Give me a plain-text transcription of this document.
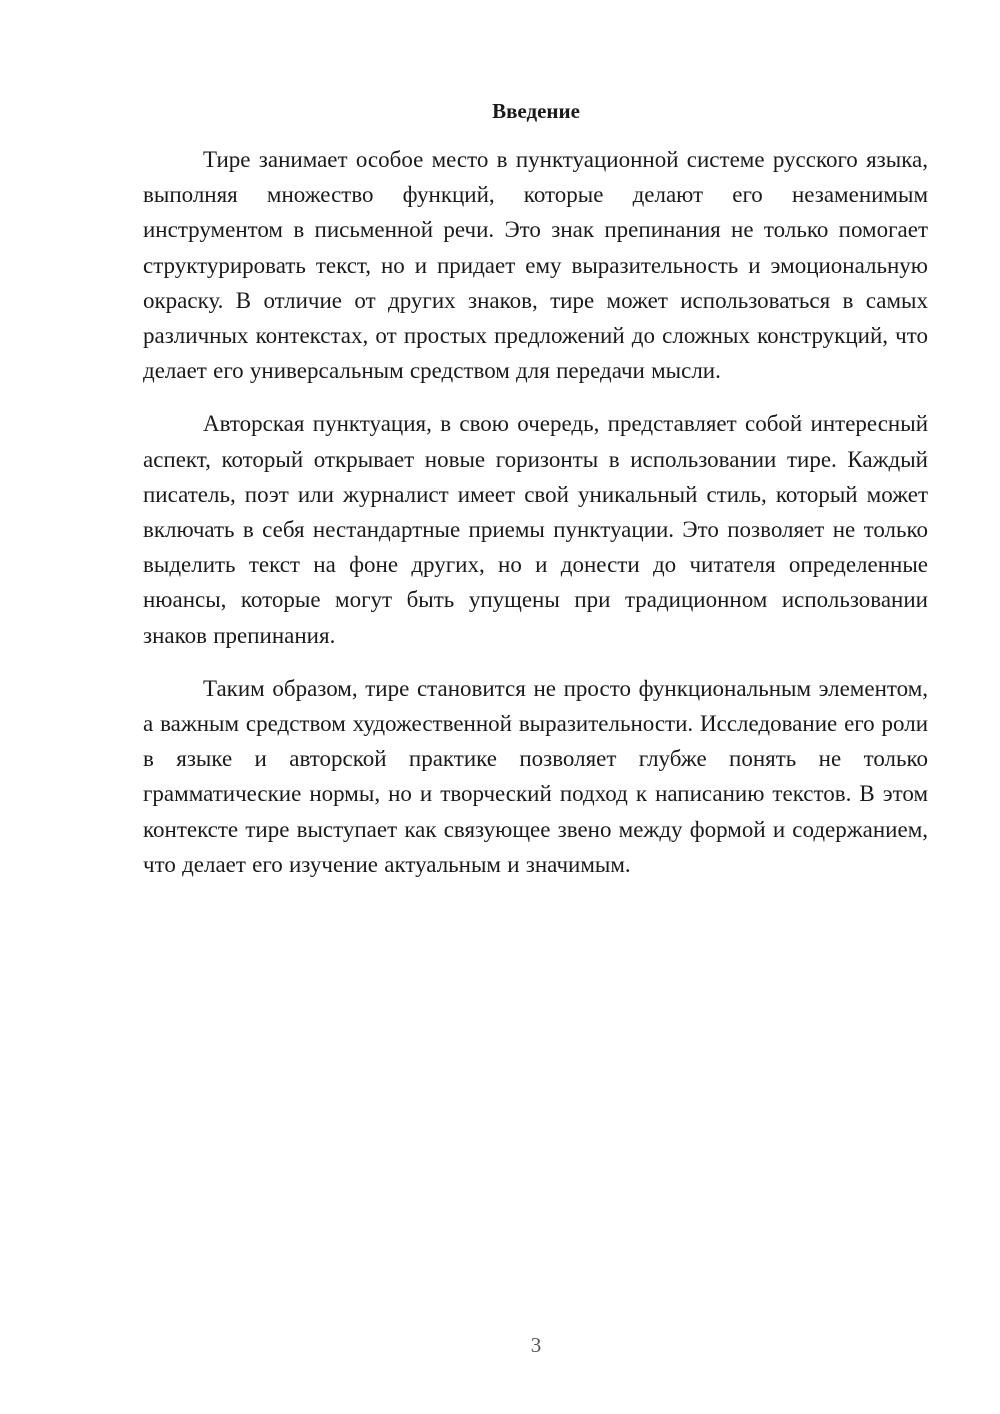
Введение

Тире занимает особое место в пунктуационной системе русского языка, выполняя множество функций, которые делают его незаменимым инструментом в письменной речи. Это знак препинания не только помогает структурировать текст, но и придает ему выразительность и эмоциональную окраску. В отличие от других знаков, тире может использоваться в самых различных контекстах, от простых предложений до сложных конструкций, что делает его универсальным средством для передачи мысли.

Авторская пунктуация, в свою очередь, представляет собой интересный аспект, который открывает новые горизонты в использовании тире. Каждый писатель, поэт или журналист имеет свой уникальный стиль, который может включать в себя нестандартные приемы пунктуации. Это позволяет не только выделить текст на фоне других, но и донести до читателя определенные нюансы, которые могут быть упущены при традиционном использовании знаков препинания.

Таким образом, тире становится не просто функциональным элементом, а важным средством художественной выразительности. Исследование его роли в языке и авторской практике позволяет глубже понять не только грамматические нормы, но и творческий подход к написанию текстов. В этом контексте тире выступает как связующее звено между формой и содержанием, что делает его изучение актуальным и значимым.

3
